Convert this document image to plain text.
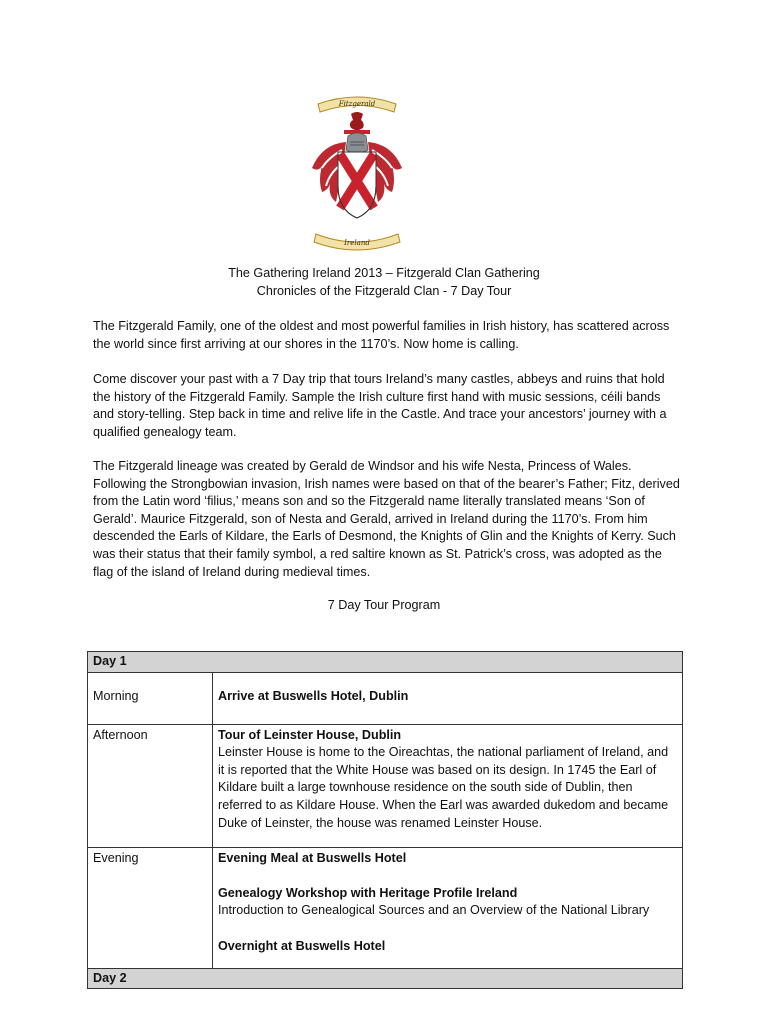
Fitzgerald
Ireland
The Gathering Ireland 2013 – Fitzgerald Clan Gathering
Chronicles of the Fitzgerald Clan - 7 Day Tour

The Fitzgerald Family, one of the oldest and most powerful families in Irish history, has scattered across the world since first arriving at our shores in the 1170’s. Now home is calling.

Come discover your past with a 7 Day trip that tours Ireland’s many castles, abbeys and ruins that hold the history of the Fitzgerald Family. Sample the Irish culture first hand with music sessions, céili bands and story-telling. Step back in time and relive life in the Castle. And trace your ancestors’ journey with a qualified genealogy team.

The Fitzgerald lineage was created by Gerald de Windsor and his wife Nesta, Princess of Wales. Following the Strongbowian invasion, Irish names were based on that of the bearer’s Father; Fitz, derived from the Latin word ‘filius,’ means son and so the Fitzgerald name literally translated means ‘Son of Gerald’. Maurice Fitzgerald, son of Nesta and Gerald, arrived in Ireland during the 1170’s. From him descended the Earls of Kildare, the Earls of Desmond, the Knights of Glin and the Knights of Kerry. Such was their status that their family symbol, a red saltire known as St. Patrick’s cross, was adopted as the flag of the island of Ireland during medieval times.

7 Day Tour Program
Day 1	
Morning	Arrive at Buswells Hotel, Dublin

Afternoon	Tour of Leinster House, Dublin
Leinster House is home to the Oireachtas, the national parliament of Ireland, and it is reported that the White House was based on its design. In 1745 the Earl of Kildare built a large townhouse residence on the south side of Dublin, then referred to as Kildare House. When the Earl was awarded dukedom and became Duke of Leinster, the house was renamed Leinster House.
Evening	Evening Meal at Buswells Hotel
Genealogy Workshop with Heritage Profile Ireland
Introduction to Genealogical Sources and an Overview of the National Library
Overnight at Buswells Hotel

Day 2	
